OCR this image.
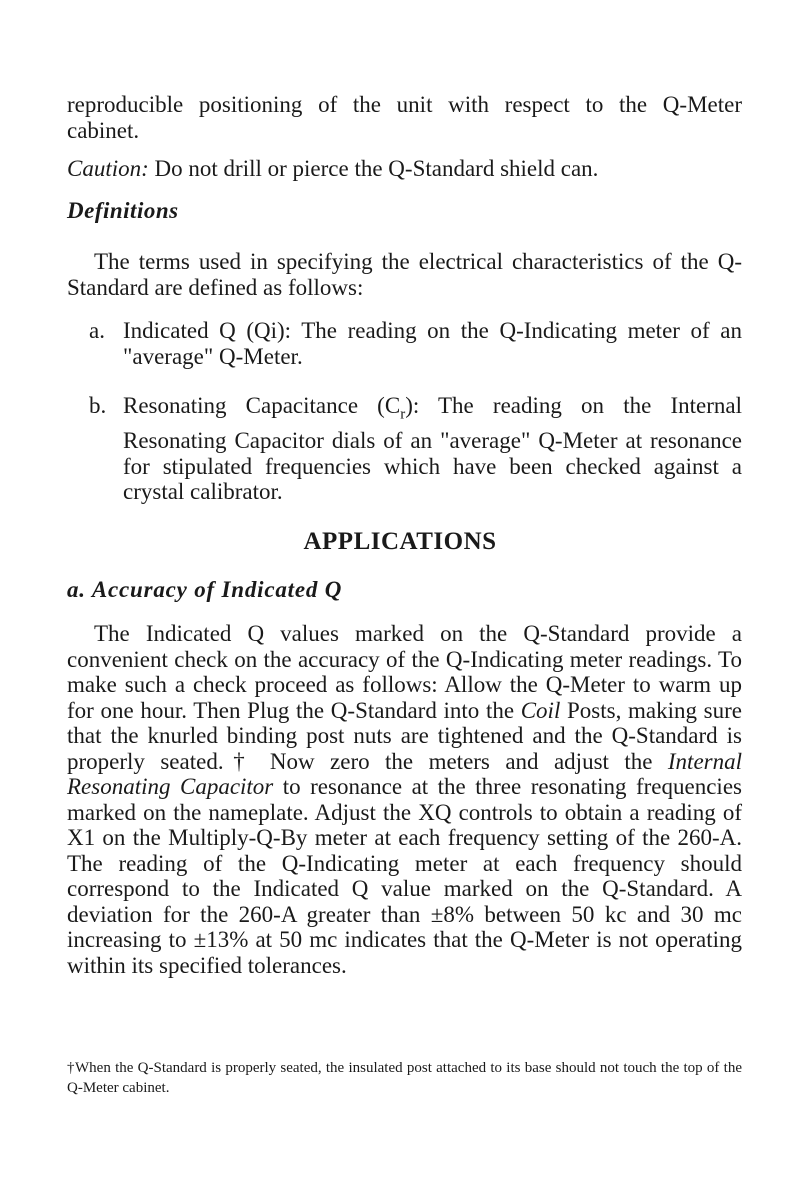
reproducible positioning of the unit with respect to the Q-Meter
cabinet.

Caution: Do not drill or pierce the Q-Standard shield can.

Definitions

The terms used in specifying the electrical characteristics of the Q-Standard are defined as follows:

a. Indicated Q (Qi): The reading on the Q-Indicating meter of an "average" Q-Meter.
b. Resonating Capacitance $(C_r)$: The reading on the Internal Resonating Capacitor dials of an "average" Q-Meter at resonance for stipulated frequencies which have been checked against a crystal calibrator.
APPLICATIONS
a. Accuracy of Indicated Q

The Indicated Q values marked on the Q-Standard provide a convenient check on the accuracy of the Q-Indicating meter readings. To make such a check proceed as follows: Allow the Q-Meter to warm up for one hour. Then Plug the Q-Standard into the Coil Posts, making sure that the knurled binding post nuts are tightened and the Q-Standard is properly seated.† Now zero the meters and adjust the Internal Resonating Capacitor to resonance at the three resonating frequencies marked on the nameplate. Adjust the XQ controls to obtain a reading of X1 on the Multiply-Q-By meter at each frequency setting of the 260-A. The reading of the Q-Indicating meter at each frequency should correspond to the Indicated Q value marked on the Q-Standard. A deviation for the 260-A greater than ±8% between 50 kc and 30 mc increasing to ±13% at 50 mc indicates that the Q-Meter is not operating within its specified tolerances.

†When the Q-Standard is properly seated, the insulated post attached to its base should not touch the top of the Q-Meter cabinet.
